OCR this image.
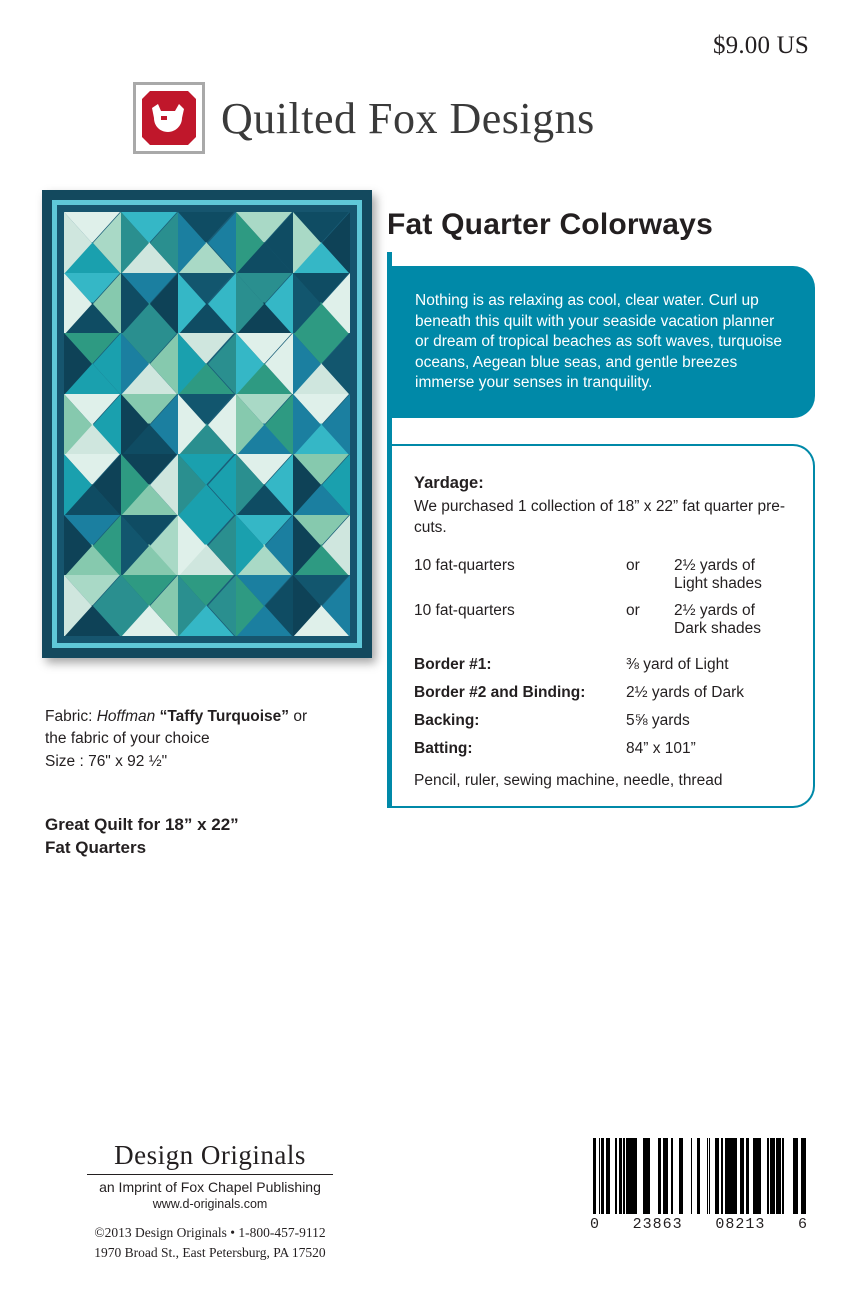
$9.00 US
Quilted Fox Designs
Fabric: Hoffman “Taffy Turquoise” or
the fabric of your choice
Size : 76" x 92 ½"
Great Quilt for 18” x 22”
Fat Quarters
Fat Quarter Colorways
Nothing is as relaxing as cool, clear water. Curl up beneath this quilt with your seaside vacation planner or dream of tropical beaches as soft waves, turquoise oceans, Aegean blue seas, and gentle breezes immerse your senses in tranquility.
Yardage:
We purchased 1 collection of 18” x 22” fat quarter pre-cuts.
10 fat-quarters	or	2½ yards of
Light shades

10 fat-quarters	or	2½ yards of
Dark shades
Border #1:	⅜ yard of Light
Border #2 and Binding:	2½ yards of Dark
Backing:	5⅝ yards
Batting:	84” x 101”
Pencil, ruler, sewing machine, needle, thread
Design Originals
an Imprint of Fox Chapel Publishing
www.d-originals.com
©2013 Design Originals • 1-800-457-9112
1970 Broad St., East Petersburg, PA 17520
0 23863 08213 6
